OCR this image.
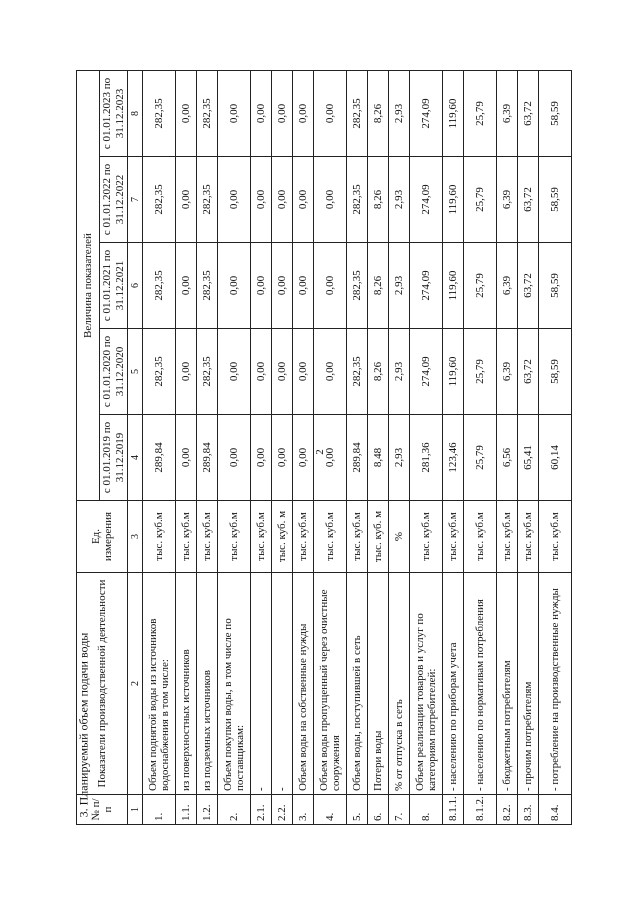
2
3. Планируемый объем подачи воды № п/п	Показатели производственной деятельности	Ед. измерения	Величина показателей				
			с 01.01.2019 по 31.12.2019	с 01.01.2020 по 31.12.2020	с 01.01.2021 по 31.12.2021	с 01.01.2022 по 31.12.2022	с 01.01.2023 по 31.12.2023
1	2	3	4	5	6	7	8
1.	Объем поднятой воды из источников водоснабжения в том числе:	тыс. куб.м	289,84	282,35	282,35	282,35	282,35
1.1.	из поверхностных источников	тыс. куб.м	0,00	0,00	0,00	0,00	0,00
1.2.	из подземных источников	тыс. куб.м	289,84	282,35	282,35	282,35	282,35
2.	Объем покупки воды, в том числе по поставщикам:	тыс. куб.м	0,00	0,00	0,00	0,00	0,00
2.1.	-	тыс. куб.м	0,00	0,00	0,00	0,00	0,00
2.2.	-	тыс. куб. м	0,00	0,00	0,00	0,00	0,00
3.	Объем воды на собственные нужды	тыс. куб.м	0,00	0,00	0,00	0,00	0,00
4.	Объем воды пропущенный через очистные сооружения	тыс. куб.м	0,00	0,00	0,00	0,00	0,00
5.	Объем воды, поступившей в сеть	тыс. куб.м	289,84	282,35	282,35	282,35	282,35
6.	Потери воды	тыс. куб. м	8,48	8,26	8,26	8,26	8,26
7.	% от отпуска в сеть	%	2,93	2,93	2,93	2,93	2,93
8.	Объем реализации товаров и услуг по категориям потребителей:	тыс. куб.м	281,36	274,09	274,09	274,09	274,09
8.1.1.	- населению по приборам учета	тыс. куб.м	123,46	119,60	119,60	119,60	119,60
8.1.2.	- населению по нормативам потребления	тыс. куб.м	25,79	25,79	25,79	25,79	25,79
8.2.	- бюджетным потребителям	тыс. куб.м	6,56	6,39	6,39	6,39	6,39
8.3.	- прочим потребителям	тыс. куб.м	65,41	63,72	63,72	63,72	63,72
8.4.	- потребление на производственные нужды	тыс. куб.м	60,14	58,59	58,59	58,59	58,59
